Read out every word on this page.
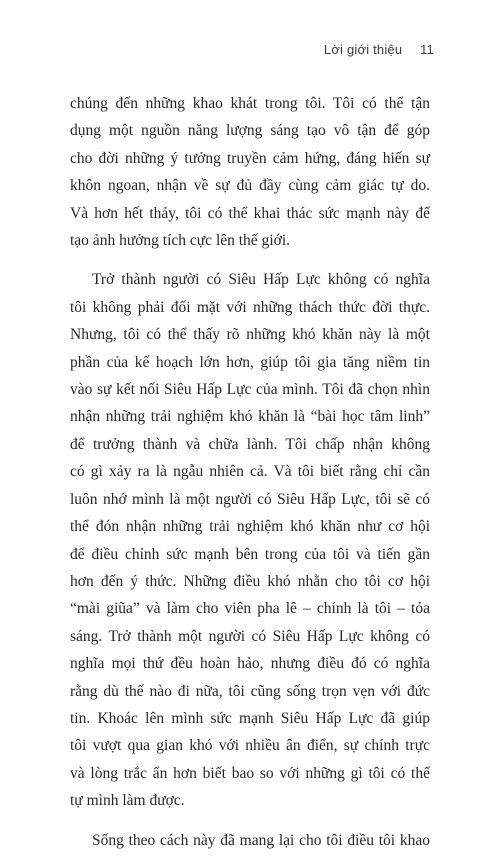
Lời giới thiệu 11

chúng đến những khao khát trong tôi. Tôi có thể tận
dụng một nguồn năng lượng sáng tạo vô tận để góp
cho đời những ý tưởng truyền cảm hứng, đáng hiến sự
khôn ngoan, nhận về sự đủ đầy cùng cảm giác tự do.
Và hơn hết thảy, tôi có thể khai thác sức mạnh này để
tạo ảnh hưởng tích cực lên thế giới.

Trở thành người có Siêu Hấp Lực không có nghĩa
tôi không phải đối mặt với những thách thức đời thực.
Nhưng, tôi có thể thấy rõ những khó khăn này là một
phần của kế hoạch lớn hơn, giúp tôi gia tăng niềm tin
vào sự kết nối Siêu Hấp Lực của mình. Tôi đã chọn nhìn
nhận những trải nghiệm khó khăn là “bài học tâm linh”
để trưởng thành và chữa lành. Tôi chấp nhận không
có gì xảy ra là ngẫu nhiên cả. Và tôi biết rằng chỉ cần
luôn nhớ mình là một người có Siêu Hấp Lực, tôi sẽ có
thể đón nhận những trải nghiệm khó khăn như cơ hội
để điều chỉnh sức mạnh bên trong của tôi và tiến gần
hơn đến ý thức. Những điều khó nhằn cho tôi cơ hội
“mài giũa” và làm cho viên pha lê – chính là tôi – tỏa
sáng. Trở thành một người có Siêu Hấp Lực không có
nghĩa mọi thứ đều hoàn hảo, nhưng điều đó có nghĩa
rằng dù thế nào đi nữa, tôi cũng sống trọn vẹn với đức
tin. Khoác lên mình sức mạnh Siêu Hấp Lực đã giúp
tôi vượt qua gian khó với nhiều ân điển, sự chính trực
và lòng trắc ẩn hơn biết bao so với những gì tôi có thể
tự mình làm được.

Sống theo cách này đã mang lại cho tôi điều tôi khao
